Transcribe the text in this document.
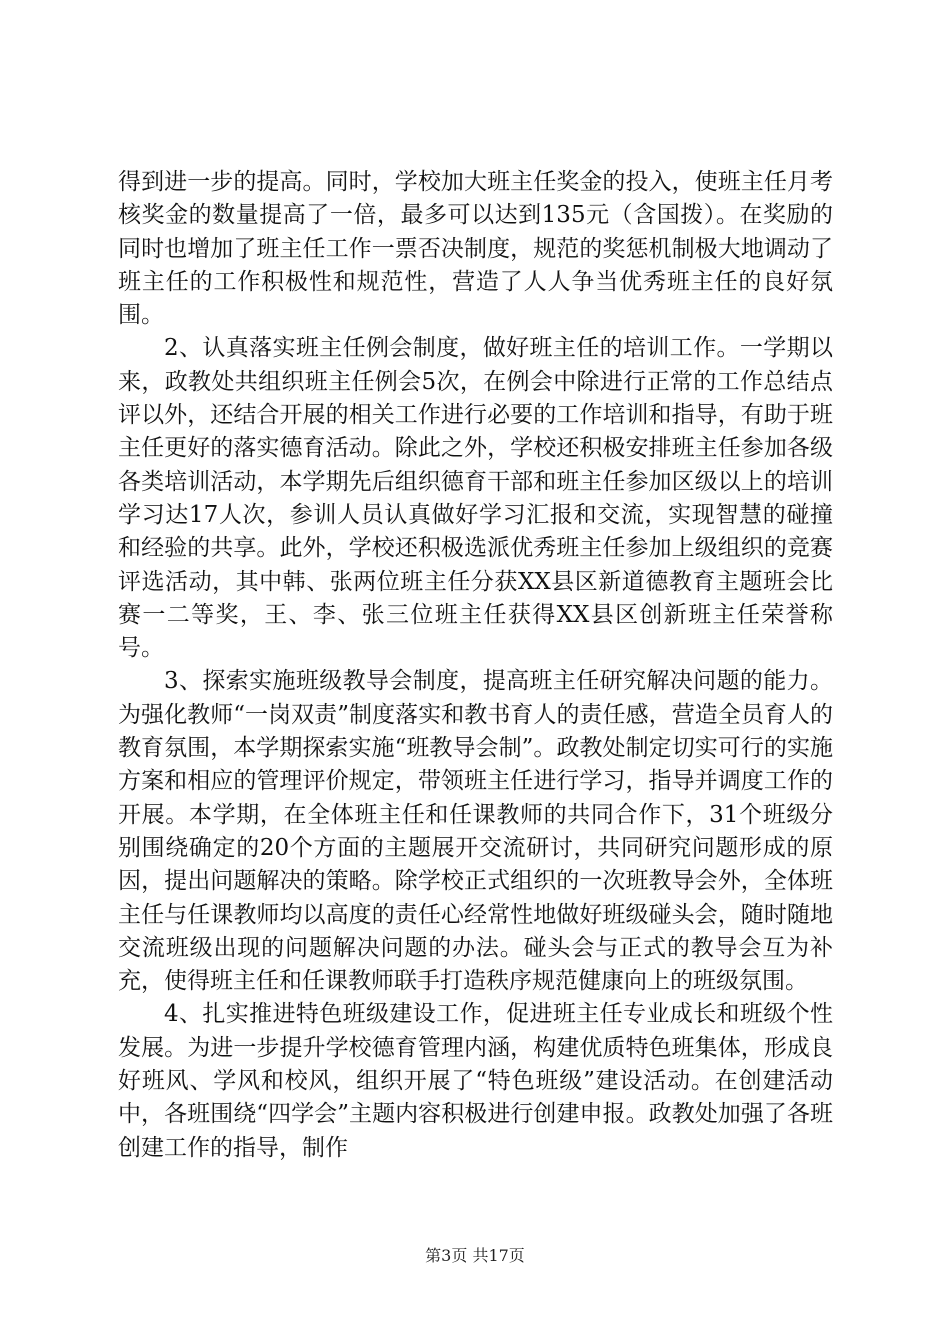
得到进一步的提高。同时，学校加大班主任奖金的投入，使班主任月考核奖金的数量提高了一倍，最多可以达到135元（含国拨）。在奖励的同时也增加了班主任工作一票否决制度，规范的奖惩机制极大地调动了班主任的工作积极性和规范性，营造了人人争当优秀班主任的良好氛围。

2、认真落实班主任例会制度，做好班主任的培训工作。一学期以来，政教处共组织班主任例会5次，在例会中除进行正常的工作总结点评以外，还结合开展的相关工作进行必要的工作培训和指导，有助于班主任更好的落实德育活动。除此之外，学校还积极安排班主任参加各级各类培训活动，本学期先后组织德育干部和班主任参加区级以上的培训学习达17人次，参训人员认真做好学习汇报和交流，实现智慧的碰撞和经验的共享。此外，学校还积极选派优秀班主任参加上级组织的竞赛评选活动，其中韩、张两位班主任分获XX县区新道德教育主题班会比赛一二等奖，王、李、张三位班主任获得XX县区创新班主任荣誉称号。

3、探索实施班级教导会制度，提高班主任研究解决问题的能力。为强化教师“一岗双责”制度落实和教书育人的责任感，营造全员育人的教育氛围，本学期探索实施“班教导会制”。政教处制定切实可行的实施方案和相应的管理评价规定，带领班主任进行学习，指导并调度工作的开展。本学期，在全体班主任和任课教师的共同合作下，31个班级分别围绕确定的20个方面的主题展开交流研讨，共同研究问题形成的原因，提出问题解决的策略。除学校正式组织的一次班教导会外，全体班主任与任课教师均以高度的责任心经常性地做好班级碰头会，随时随地交流班级出现的问题解决问题的办法。碰头会与正式的教导会互为补充，使得班主任和任课教师联手打造秩序规范健康向上的班级氛围。

4、扎实推进特色班级建设工作，促进班主任专业成长和班级个性发展。为进一步提升学校德育管理内涵，构建优质特色班集体，形成良好班风、学风和校风，组织开展了“特色班级”建设活动。在创建活动中，各班围绕“四学会”主题内容积极进行创建申报。政教处加强了各班创建工作的指导，制作

第3页 共17页
